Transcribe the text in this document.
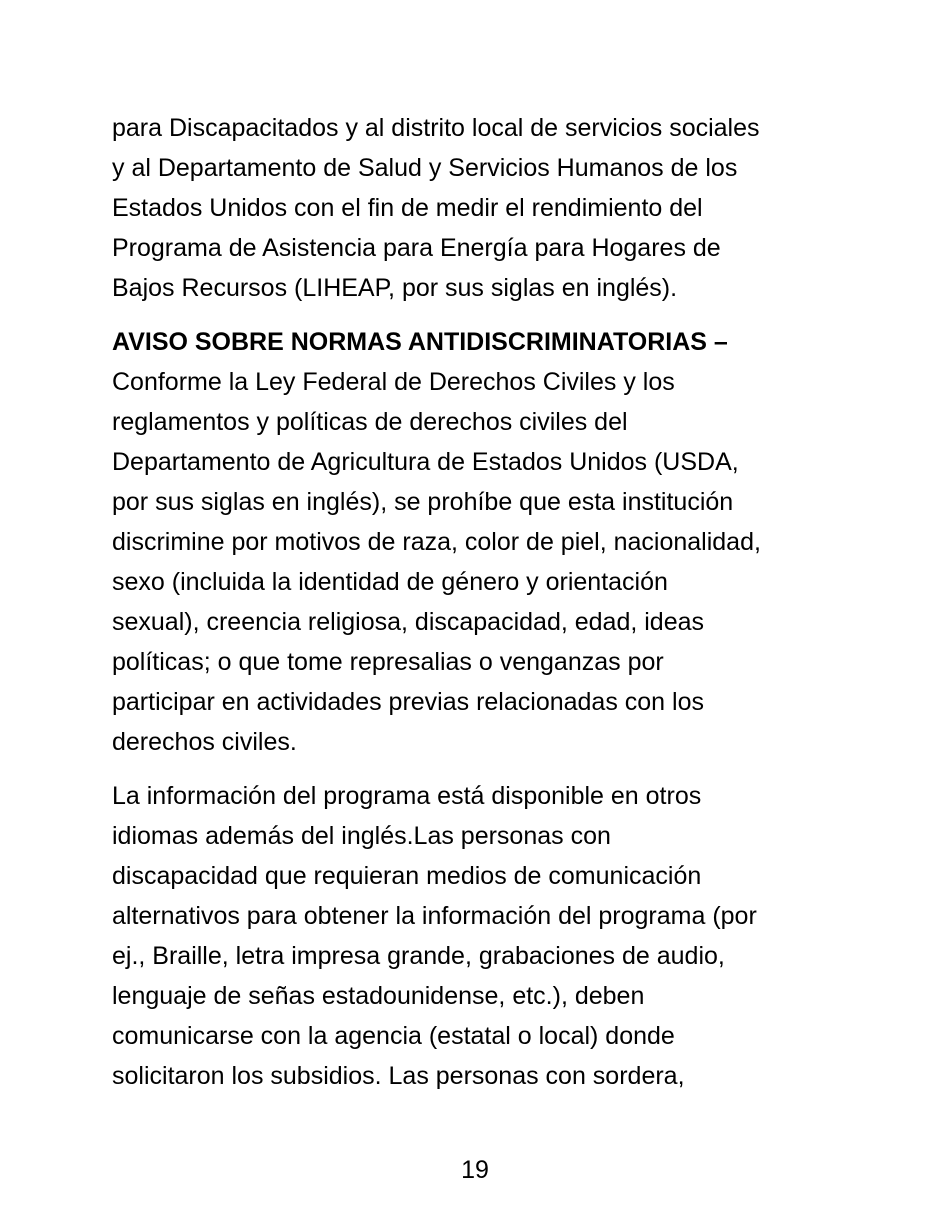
para Discapacitados y al distrito local de servicios sociales
y al Departamento de Salud y Servicios Humanos de los
Estados Unidos con el fin de medir el rendimiento del
Programa de Asistencia para Energía para Hogares de
Bajos Recursos (LIHEAP, por sus siglas en inglés).
AVISO SOBRE NORMAS ANTIDISCRIMINATORIAS –
Conforme la Ley Federal de Derechos Civiles y los
reglamentos y políticas de derechos civiles del
Departamento de Agricultura de Estados Unidos (USDA,
por sus siglas en inglés), se prohíbe que esta institución
discrimine por motivos de raza, color de piel, nacionalidad,
sexo (incluida la identidad de género y orientación
sexual), creencia religiosa, discapacidad, edad, ideas
políticas; o que tome represalias o venganzas por
participar en actividades previas relacionadas con los
derechos civiles.
La información del programa está disponible en otros
idiomas además del inglés.Las personas con
discapacidad que requieran medios de comunicación
alternativos para obtener la información del programa (por
ej., Braille, letra impresa grande, grabaciones de audio,
lenguaje de señas estadounidense, etc.), deben
comunicarse con la agencia (estatal o local) donde
solicitaron los subsidios. Las personas con sordera,
19
